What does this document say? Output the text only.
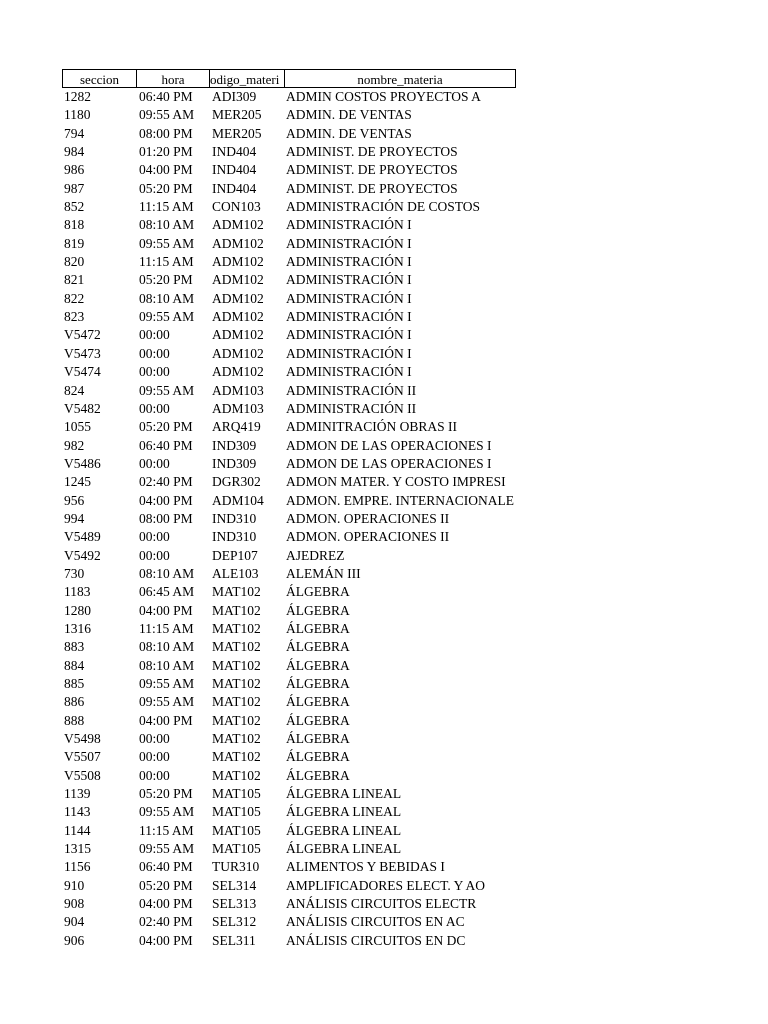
seccion	hora	odigo_materi	nombre_materia
1282	06:40 PM	ADI309	ADMIN COSTOS PROYECTOS A
1180	09:55 AM	MER205	ADMIN. DE VENTAS
794	08:00 PM	MER205	ADMIN. DE VENTAS
984	01:20 PM	IND404	ADMINIST. DE PROYECTOS
986	04:00 PM	IND404	ADMINIST. DE PROYECTOS
987	05:20 PM	IND404	ADMINIST. DE PROYECTOS
852	11:15 AM	CON103	ADMINISTRACIÓN DE COSTOS
818	08:10 AM	ADM102	ADMINISTRACIÓN I
819	09:55 AM	ADM102	ADMINISTRACIÓN I
820	11:15 AM	ADM102	ADMINISTRACIÓN I
821	05:20 PM	ADM102	ADMINISTRACIÓN I
822	08:10 AM	ADM102	ADMINISTRACIÓN I
823	09:55 AM	ADM102	ADMINISTRACIÓN I
V5472	00:00	ADM102	ADMINISTRACIÓN I
V5473	00:00	ADM102	ADMINISTRACIÓN I
V5474	00:00	ADM102	ADMINISTRACIÓN I
824	09:55 AM	ADM103	ADMINISTRACIÓN II
V5482	00:00	ADM103	ADMINISTRACIÓN II
1055	05:20 PM	ARQ419	ADMINITRACIÓN OBRAS II
982	06:40 PM	IND309	ADMON DE LAS OPERACIONES I
V5486	00:00	IND309	ADMON DE LAS OPERACIONES I
1245	02:40 PM	DGR302	ADMON MATER. Y COSTO IMPRESI
956	04:00 PM	ADM104	ADMON. EMPRE. INTERNACIONALE
994	08:00 PM	IND310	ADMON. OPERACIONES II
V5489	00:00	IND310	ADMON. OPERACIONES II
V5492	00:00	DEP107	AJEDREZ
730	08:10 AM	ALE103	ALEMÁN III
1183	06:45 AM	MAT102	ÁLGEBRA
1280	04:00 PM	MAT102	ÁLGEBRA
1316	11:15 AM	MAT102	ÁLGEBRA
883	08:10 AM	MAT102	ÁLGEBRA
884	08:10 AM	MAT102	ÁLGEBRA
885	09:55 AM	MAT102	ÁLGEBRA
886	09:55 AM	MAT102	ÁLGEBRA
888	04:00 PM	MAT102	ÁLGEBRA
V5498	00:00	MAT102	ÁLGEBRA
V5507	00:00	MAT102	ÁLGEBRA
V5508	00:00	MAT102	ÁLGEBRA
1139	05:20 PM	MAT105	ÁLGEBRA LINEAL
1143	09:55 AM	MAT105	ÁLGEBRA LINEAL
1144	11:15 AM	MAT105	ÁLGEBRA LINEAL
1315	09:55 AM	MAT105	ÁLGEBRA LINEAL
1156	06:40 PM	TUR310	ALIMENTOS Y BEBIDAS I
910	05:20 PM	SEL314	AMPLIFICADORES ELECT. Y AO
908	04:00 PM	SEL313	ANÁLISIS CIRCUITOS ELECTR
904	02:40 PM	SEL312	ANÁLISIS CIRCUITOS EN AC
906	04:00 PM	SEL311	ANÁLISIS CIRCUITOS EN DC
